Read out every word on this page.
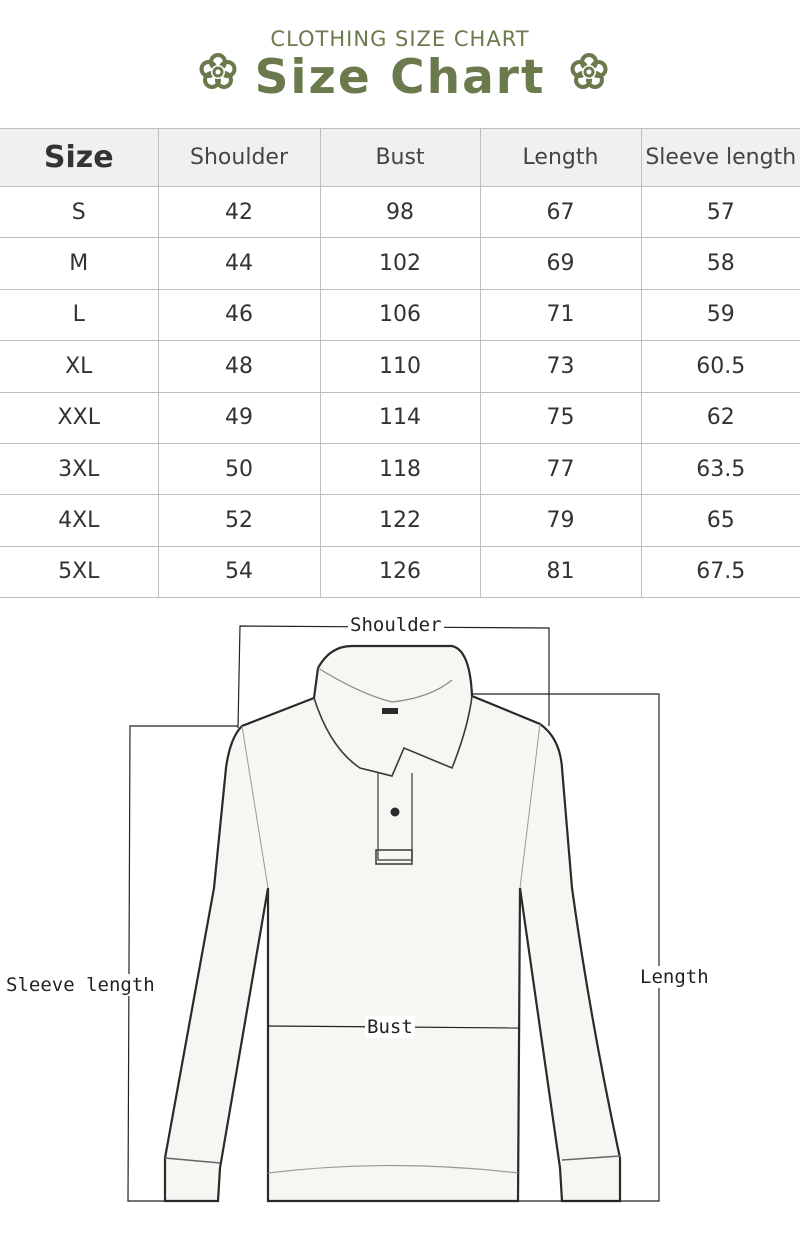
CLOTHING SIZE CHART
Size Chart
Size	Shoulder	Bust	Length	Sleeve length
S	42	98	67	57
M	44	102	69	58
L	46	106	71	59
XL	48	110	73	60.5
XXL	49	114	75	62
3XL	50	118	77	63.5
4XL	52	122	79	65
5XL	54	126	81	67.5
Shoulder
Sleeve length
Bust
Length
